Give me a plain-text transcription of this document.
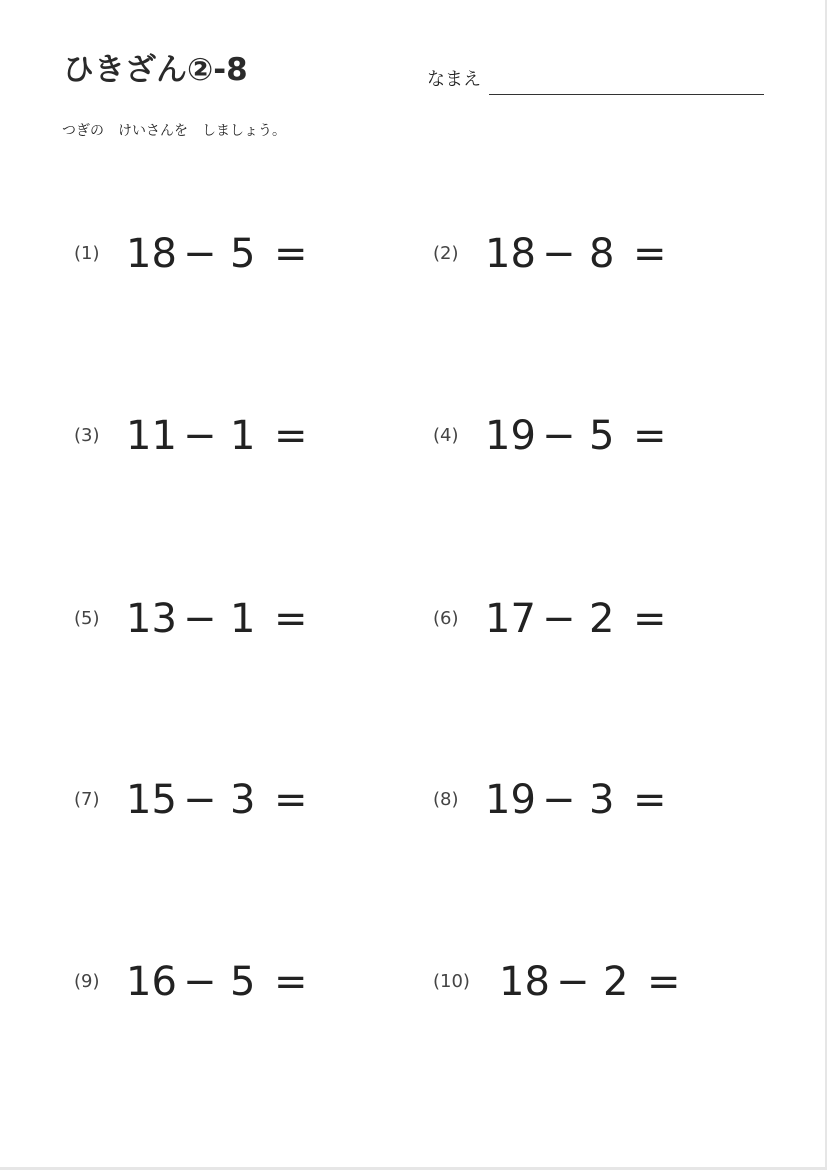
ひきざん②-8	なまえ
つぎの　けいさんを　しましょう。
(1) 18 − 5 =	(2) 18 − 8 =
(3) 11 − 1 =	(4) 19 − 5 =
(5) 13 − 1 =	(6) 17 − 2 =
(7) 15 − 3 =	(8) 19 − 3 =
(9) 16 − 5 =	(10) 18 − 2 =
